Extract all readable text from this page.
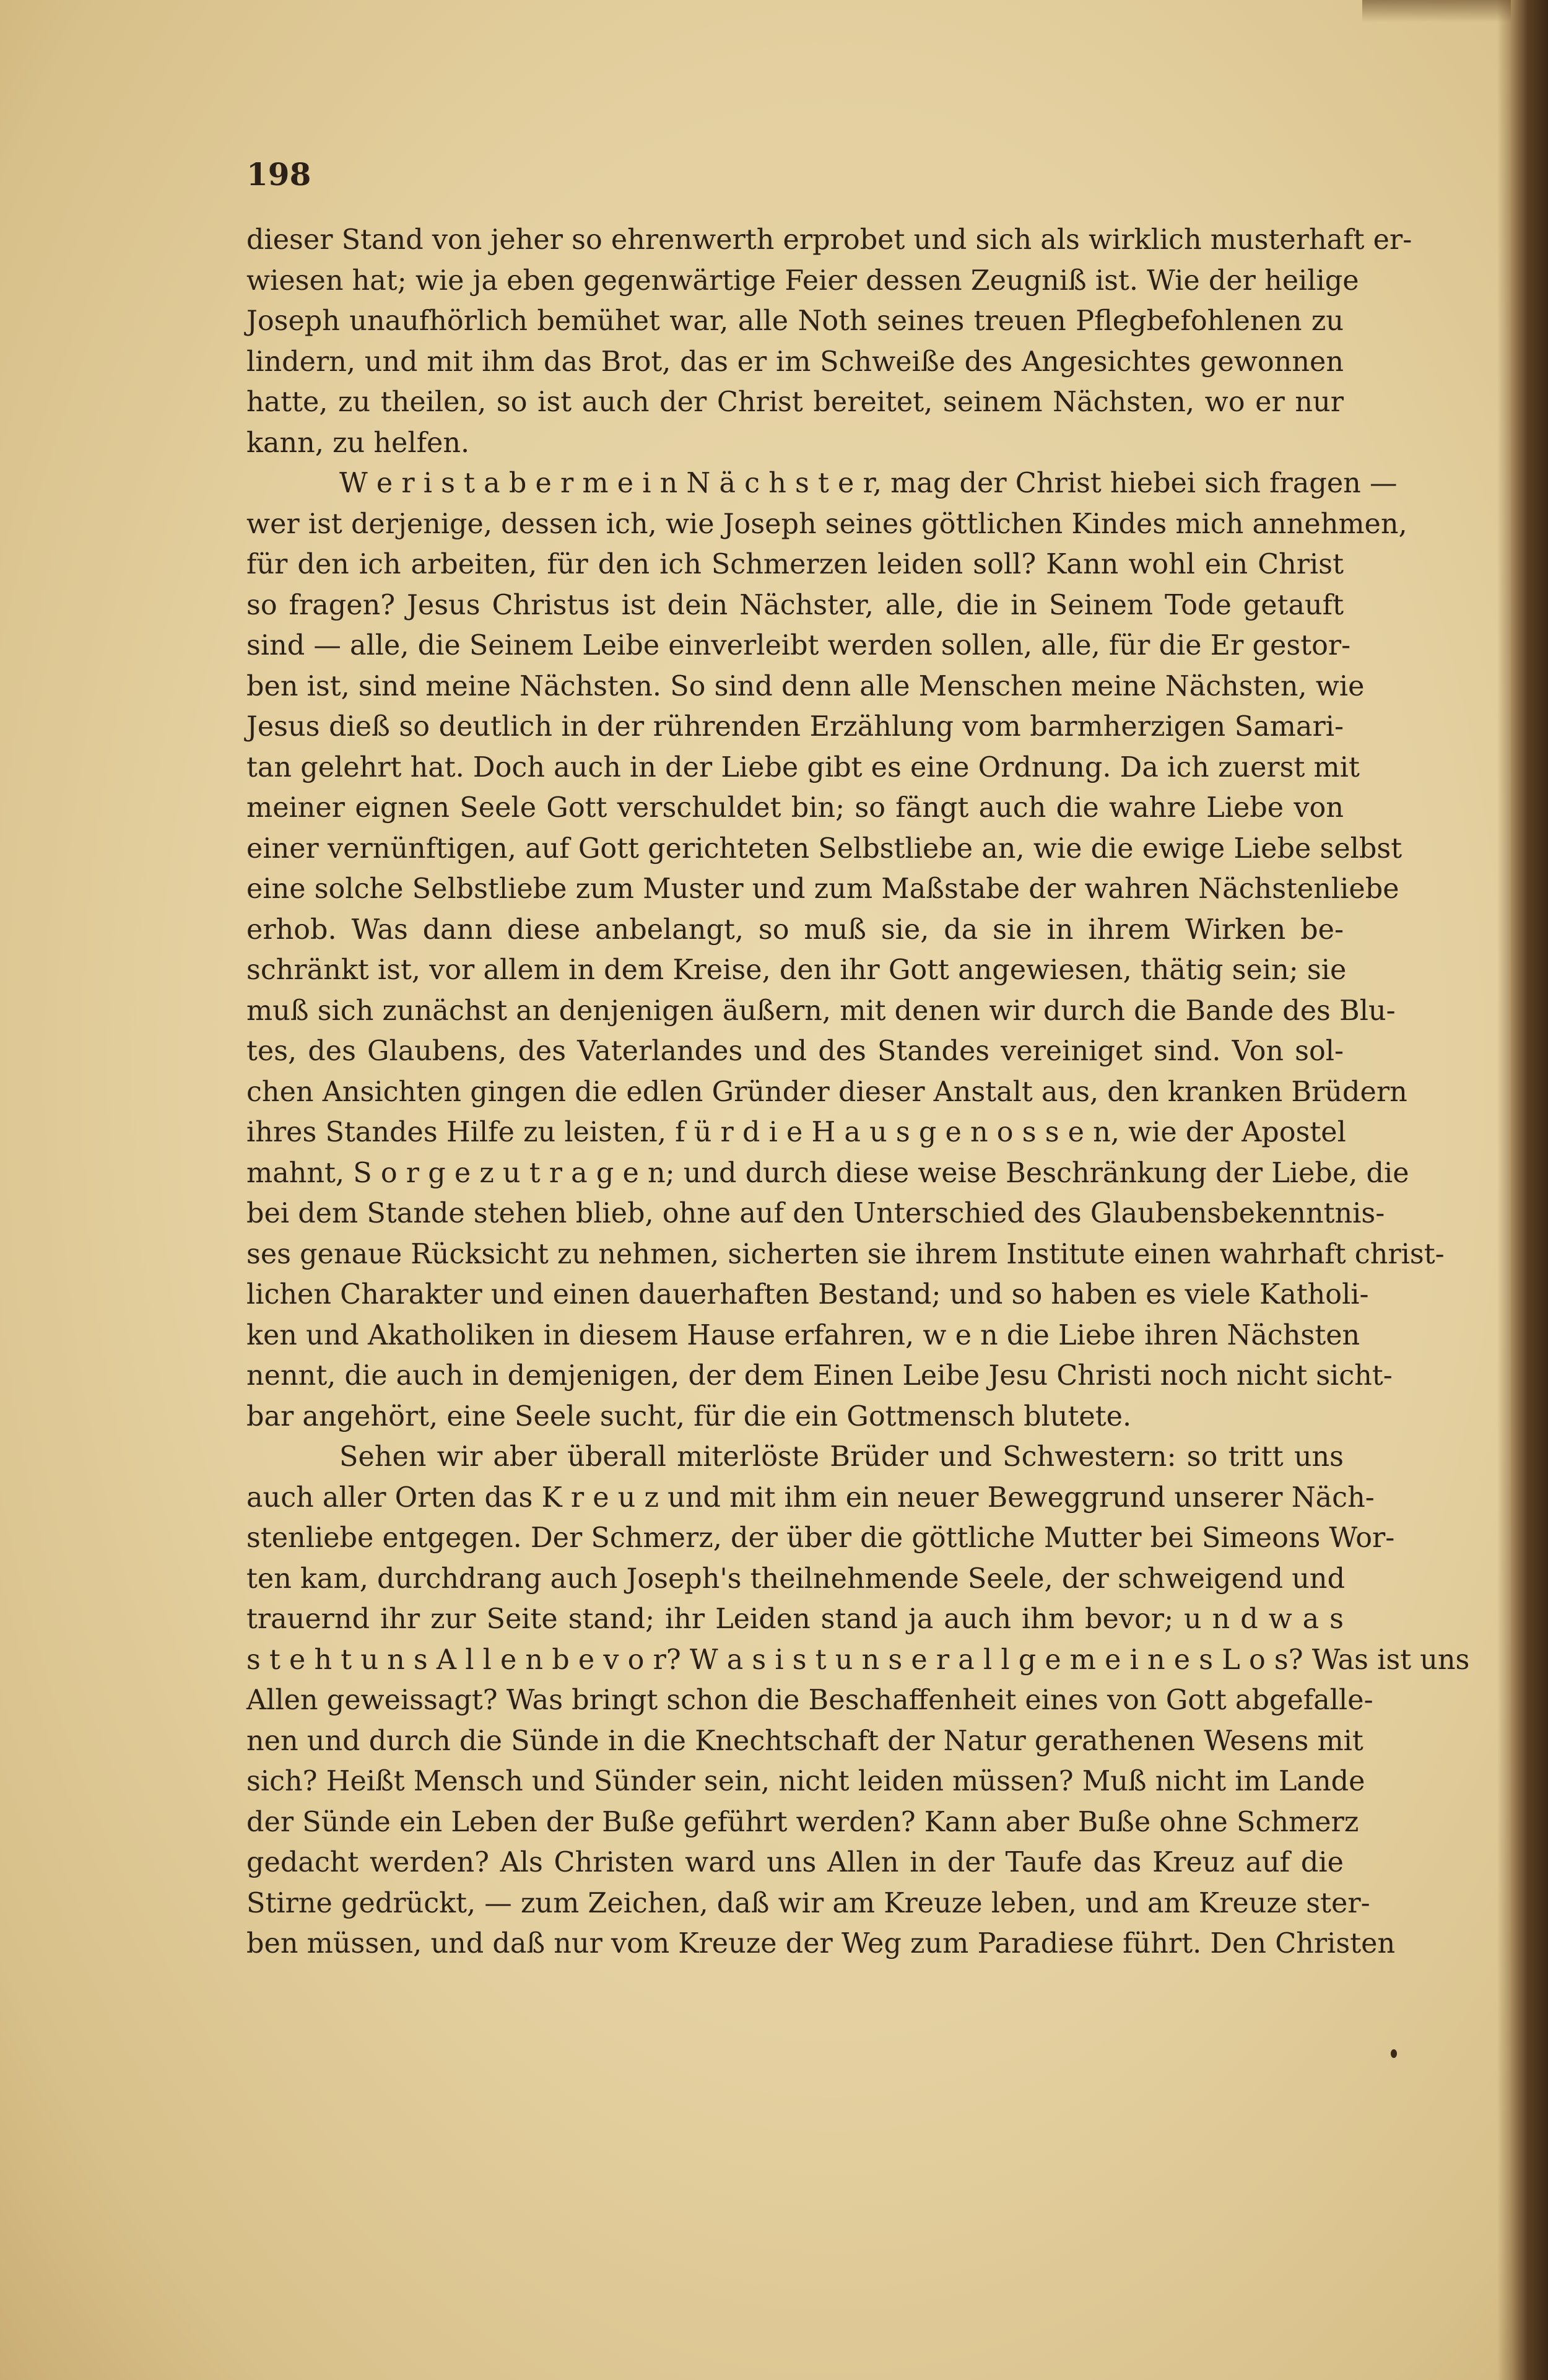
198
dieser Stand von jeher so ehrenwerth erprobet und sich als wirklich musterhaft er-
wiesen hat; wie ja eben gegenwärtige Feier dessen Zeugniß ist. Wie der heilige
Joseph unaufhörlich bemühet war, alle Noth seines treuen Pflegbefohlenen zu
lindern, und mit ihm das Brot, das er im Schweiße des Angesichtes gewonnen
hatte, zu theilen, so ist auch der Christ bereitet, seinem Nächsten, wo er nur
kann, zu helfen.
W e r i s t a b e r m e i n N ä c h s t e r, mag der Christ hiebei sich fragen —
wer ist derjenige, dessen ich, wie Joseph seines göttlichen Kindes mich annehmen,
für den ich arbeiten, für den ich Schmerzen leiden soll? Kann wohl ein Christ
so fragen? Jesus Christus ist dein Nächster, alle, die in Seinem Tode getauft
sind — alle, die Seinem Leibe einverleibt werden sollen, alle, für die Er gestor-
ben ist, sind meine Nächsten. So sind denn alle Menschen meine Nächsten, wie
Jesus dieß so deutlich in der rührenden Erzählung vom barmherzigen Samari-
tan gelehrt hat. Doch auch in der Liebe gibt es eine Ordnung. Da ich zuerst mit
meiner eignen Seele Gott verschuldet bin; so fängt auch die wahre Liebe von
einer vernünftigen, auf Gott gerichteten Selbstliebe an, wie die ewige Liebe selbst
eine solche Selbstliebe zum Muster und zum Maßstabe der wahren Nächstenliebe
erhob. Was dann diese anbelangt, so muß sie, da sie in ihrem Wirken be-
schränkt ist, vor allem in dem Kreise, den ihr Gott angewiesen, thätig sein; sie
muß sich zunächst an denjenigen äußern, mit denen wir durch die Bande des Blu-
tes, des Glaubens, des Vaterlandes und des Standes vereiniget sind. Von sol-
chen Ansichten gingen die edlen Gründer dieser Anstalt aus, den kranken Brüdern
ihres Standes Hilfe zu leisten, f ü r d i e H a u s g e n o s s e n, wie der Apostel
mahnt, S o r g e z u t r a g e n; und durch diese weise Beschränkung der Liebe, die
bei dem Stande stehen blieb, ohne auf den Unterschied des Glaubensbekenntnis-
ses genaue Rücksicht zu nehmen, sicherten sie ihrem Institute einen wahrhaft christ-
lichen Charakter und einen dauerhaften Bestand; und so haben es viele Katholi-
ken und Akatholiken in diesem Hause erfahren, w e n die Liebe ihren Nächsten
nennt, die auch in demjenigen, der dem Einen Leibe Jesu Christi noch nicht sicht-
bar angehört, eine Seele sucht, für die ein Gottmensch blutete.
Sehen wir aber überall miterlöste Brüder und Schwestern: so tritt uns
auch aller Orten das K r e u z und mit ihm ein neuer Beweggrund unserer Näch-
stenliebe entgegen. Der Schmerz, der über die göttliche Mutter bei Simeons Wor-
ten kam, durchdrang auch Joseph's theilnehmende Seele, der schweigend und
trauernd ihr zur Seite stand; ihr Leiden stand ja auch ihm bevor; u n d w a s
s t e h t u n s A l l e n b e v o r? W a s i s t u n s e r a l l g e m e i n e s L o s? Was ist uns
Allen geweissagt? Was bringt schon die Beschaffenheit eines von Gott abgefalle-
nen und durch die Sünde in die Knechtschaft der Natur gerathenen Wesens mit
sich? Heißt Mensch und Sünder sein, nicht leiden müssen? Muß nicht im Lande
der Sünde ein Leben der Buße geführt werden? Kann aber Buße ohne Schmerz
gedacht werden? Als Christen ward uns Allen in der Taufe das Kreuz auf die
Stirne gedrückt, — zum Zeichen, daß wir am Kreuze leben, und am Kreuze ster-
ben müssen, und daß nur vom Kreuze der Weg zum Paradiese führt. Den Christen
